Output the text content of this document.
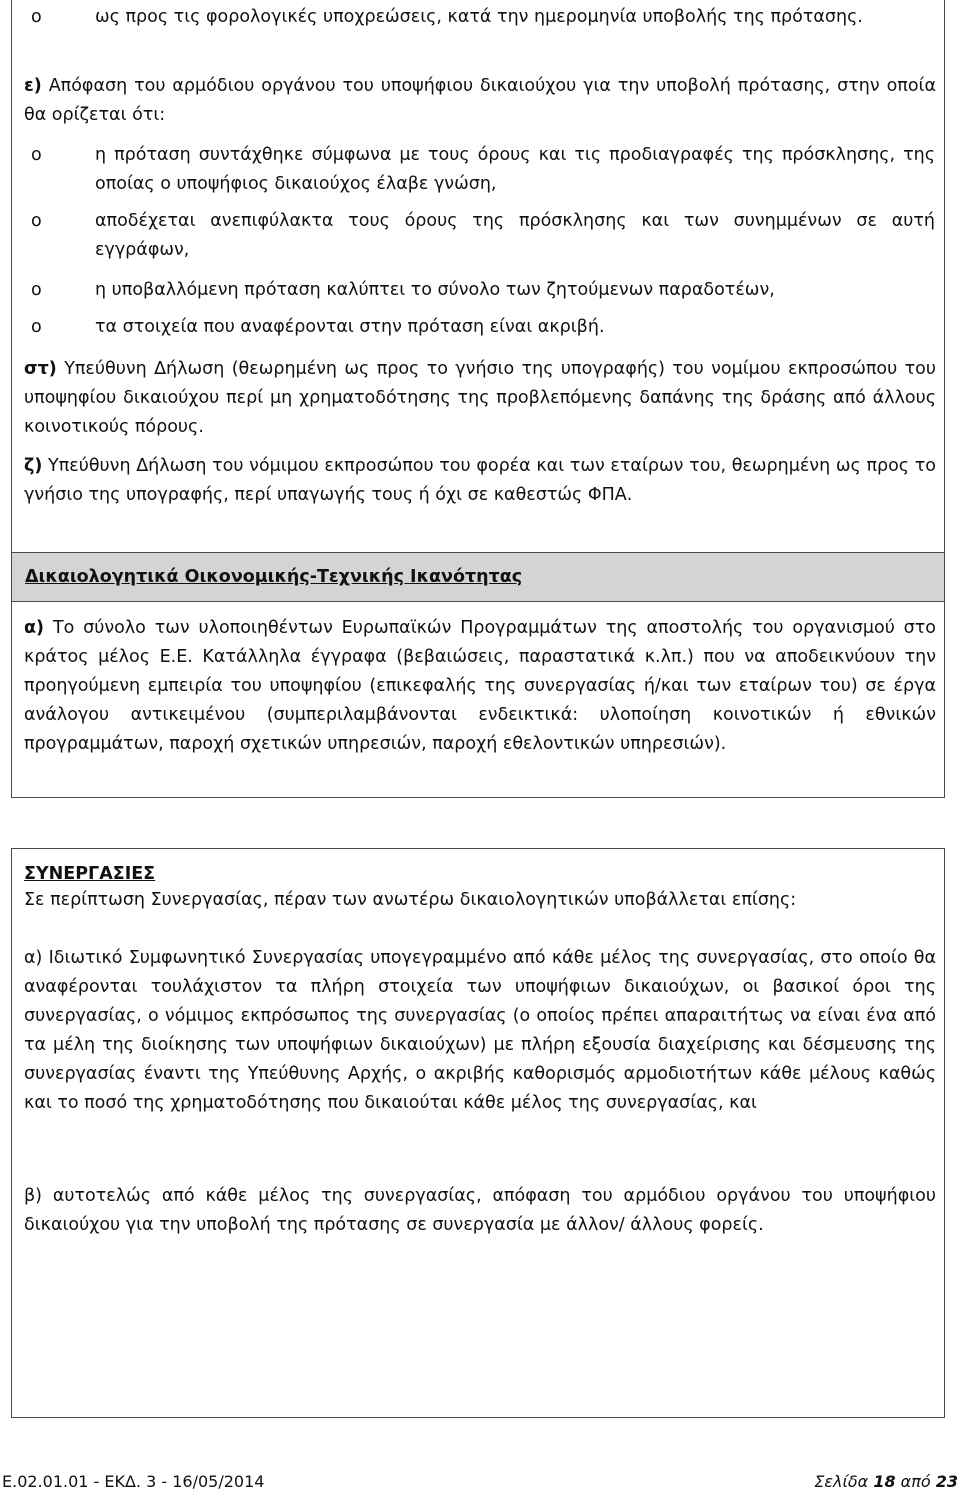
o	ως προς τις φορολογικές υποχρεώσεις, κατά την ημερομηνία υποβολής της πρότασης.
ε) Απόφαση του αρμόδιου οργάνου του υποψήφιου δικαιούχου για την υποβολή πρότασης, στην οποία θα ορίζεται ότι:
o	η πρόταση συντάχθηκε σύμφωνα με τους όρους και τις προδιαγραφές της πρόσκλησης, της οποίας ο υποψήφιος δικαιούχος έλαβε γνώση,
o	αποδέχεται ανεπιφύλακτα τους όρους της πρόσκλησης και των συνημμένων σε αυτή εγγράφων,
o	η υποβαλλόμενη πρόταση καλύπτει το σύνολο των ζητούμενων παραδοτέων,
o	τα στοιχεία που αναφέρονται στην πρόταση είναι ακριβή.
στ) Υπεύθυνη Δήλωση (θεωρημένη ως προς το γνήσιο της υπογραφής) του νομίμου εκπροσώπου του υποψηφίου δικαιούχου περί μη χρηματοδότησης της προβλεπόμενης δαπάνης της δράσης από άλλους κοινοτικούς πόρους.
ζ) Υπεύθυνη Δήλωση του νόμιμου εκπροσώπου του φορέα και των εταίρων του, θεωρημένη ως προς το γνήσιο της υπογραφής, περί υπαγωγής τους ή όχι σε καθεστώς ΦΠΑ.
Δικαιολογητικά Οικονομικής-Τεχνικής Ικανότητας
α) Το σύνολο των υλοποιηθέντων Ευρωπαϊκών Προγραμμάτων της αποστολής του οργανισμού στο κράτος μέλος Ε.Ε. Κατάλληλα έγγραφα (βεβαιώσεις, παραστατικά κ.λπ.) που να αποδεικνύουν την προηγούμενη εμπειρία του υποψηφίου (επικεφαλής της συνεργασίας ή/και των εταίρων του) σε έργα ανάλογου αντικειμένου (συμπεριλαμβάνονται ενδεικτικά: υλοποίηση κοινοτικών ή εθνικών προγραμμάτων, παροχή σχετικών υπηρεσιών, παροχή εθελοντικών υπηρεσιών).
ΣΥΝΕΡΓΑΣΙΕΣ
Σε περίπτωση Συνεργασίας, πέραν των ανωτέρω δικαιολογητικών υποβάλλεται επίσης:
α) Ιδιωτικό Συμφωνητικό Συνεργασίας υπογεγραμμένο από κάθε μέλος της συνεργασίας, στο οποίο θα αναφέρονται τουλάχιστον τα πλήρη στοιχεία των υποψήφιων δικαιούχων, οι βασικοί όροι της συνεργασίας, ο νόμιμος εκπρόσωπος της συνεργασίας (ο οποίος πρέπει απαραιτήτως να είναι ένα από τα μέλη της διοίκησης των υποψήφιων δικαιούχων) με πλήρη εξουσία διαχείρισης και δέσμευσης της συνεργασίας έναντι της Υπεύθυνης Αρχής, ο ακριβής καθορισμός αρμοδιοτήτων κάθε μέλους καθώς και το ποσό της χρηματοδότησης που δικαιούται κάθε μέλος της συνεργασίας, και
β) αυτοτελώς από κάθε μέλος της συνεργασίας, απόφαση του αρμόδιου οργάνου του υποψήφιου δικαιούχου για την υποβολή της πρότασης σε συνεργασία με άλλον/ άλλους φορείς.
Ε.02.01.01 - ΕΚΔ. 3 - 16/05/2014	Σελίδα 18 από 23
